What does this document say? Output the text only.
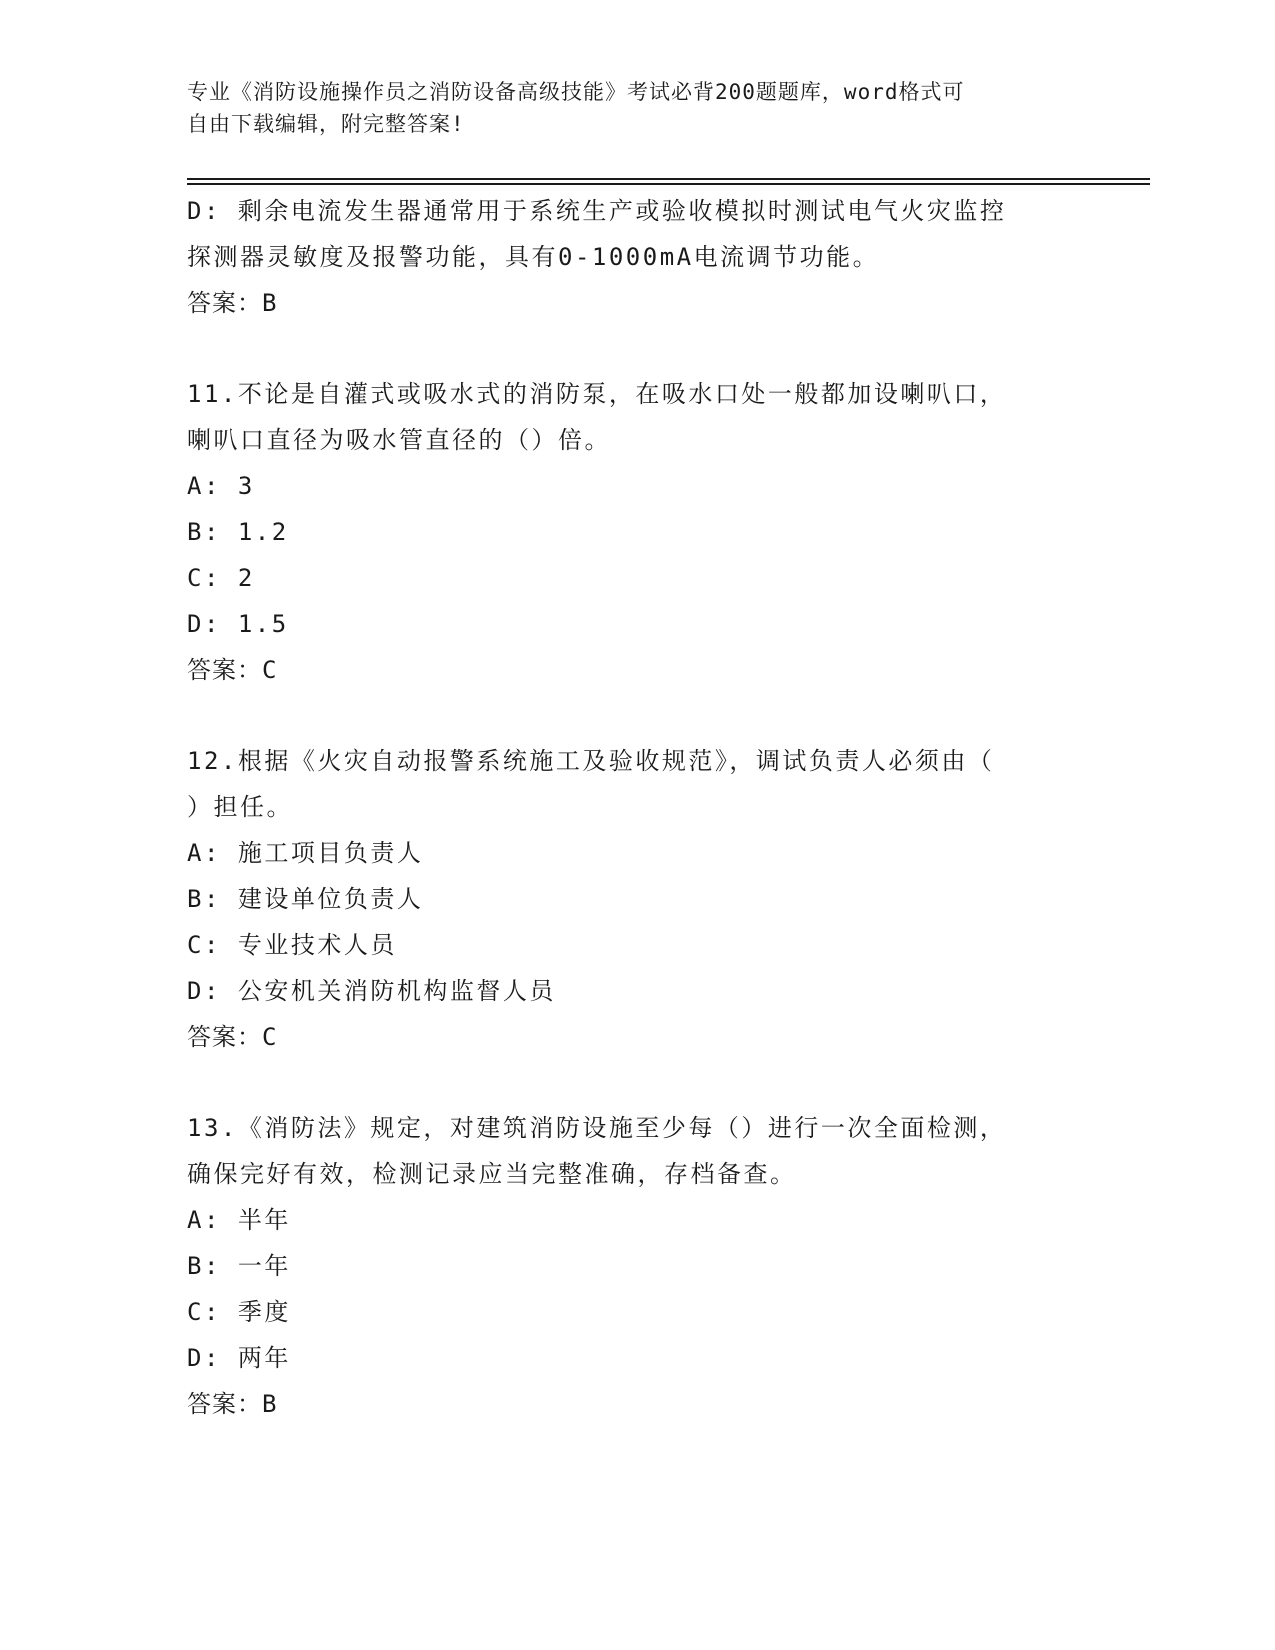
专业《消防设施操作员之消防设备高级技能》考试必背200题题库，word格式可
自由下载编辑，附完整答案!
D: 剩余电流发生器通常用于系统生产或验收模拟时测试电气火灾监控
探测器灵敏度及报警功能，具有0-1000mA电流调节功能。
答案：B
11.不论是自灌式或吸水式的消防泵，在吸水口处一般都加设喇叭口，
喇叭口直径为吸水管直径的（）倍。
A: 3
B: 1.2
C: 2
D: 1.5
答案：C
12.根据《火灾自动报警系统施工及验收规范》，调试负责人必须由（
）担任。
A: 施工项目负责人
B: 建设单位负责人
C: 专业技术人员
D: 公安机关消防机构监督人员
答案：C
13.《消防法》规定，对建筑消防设施至少每（）进行一次全面检测，
确保完好有效，检测记录应当完整准确，存档备查。
A: 半年
B: 一年
C: 季度
D: 两年
答案：B
